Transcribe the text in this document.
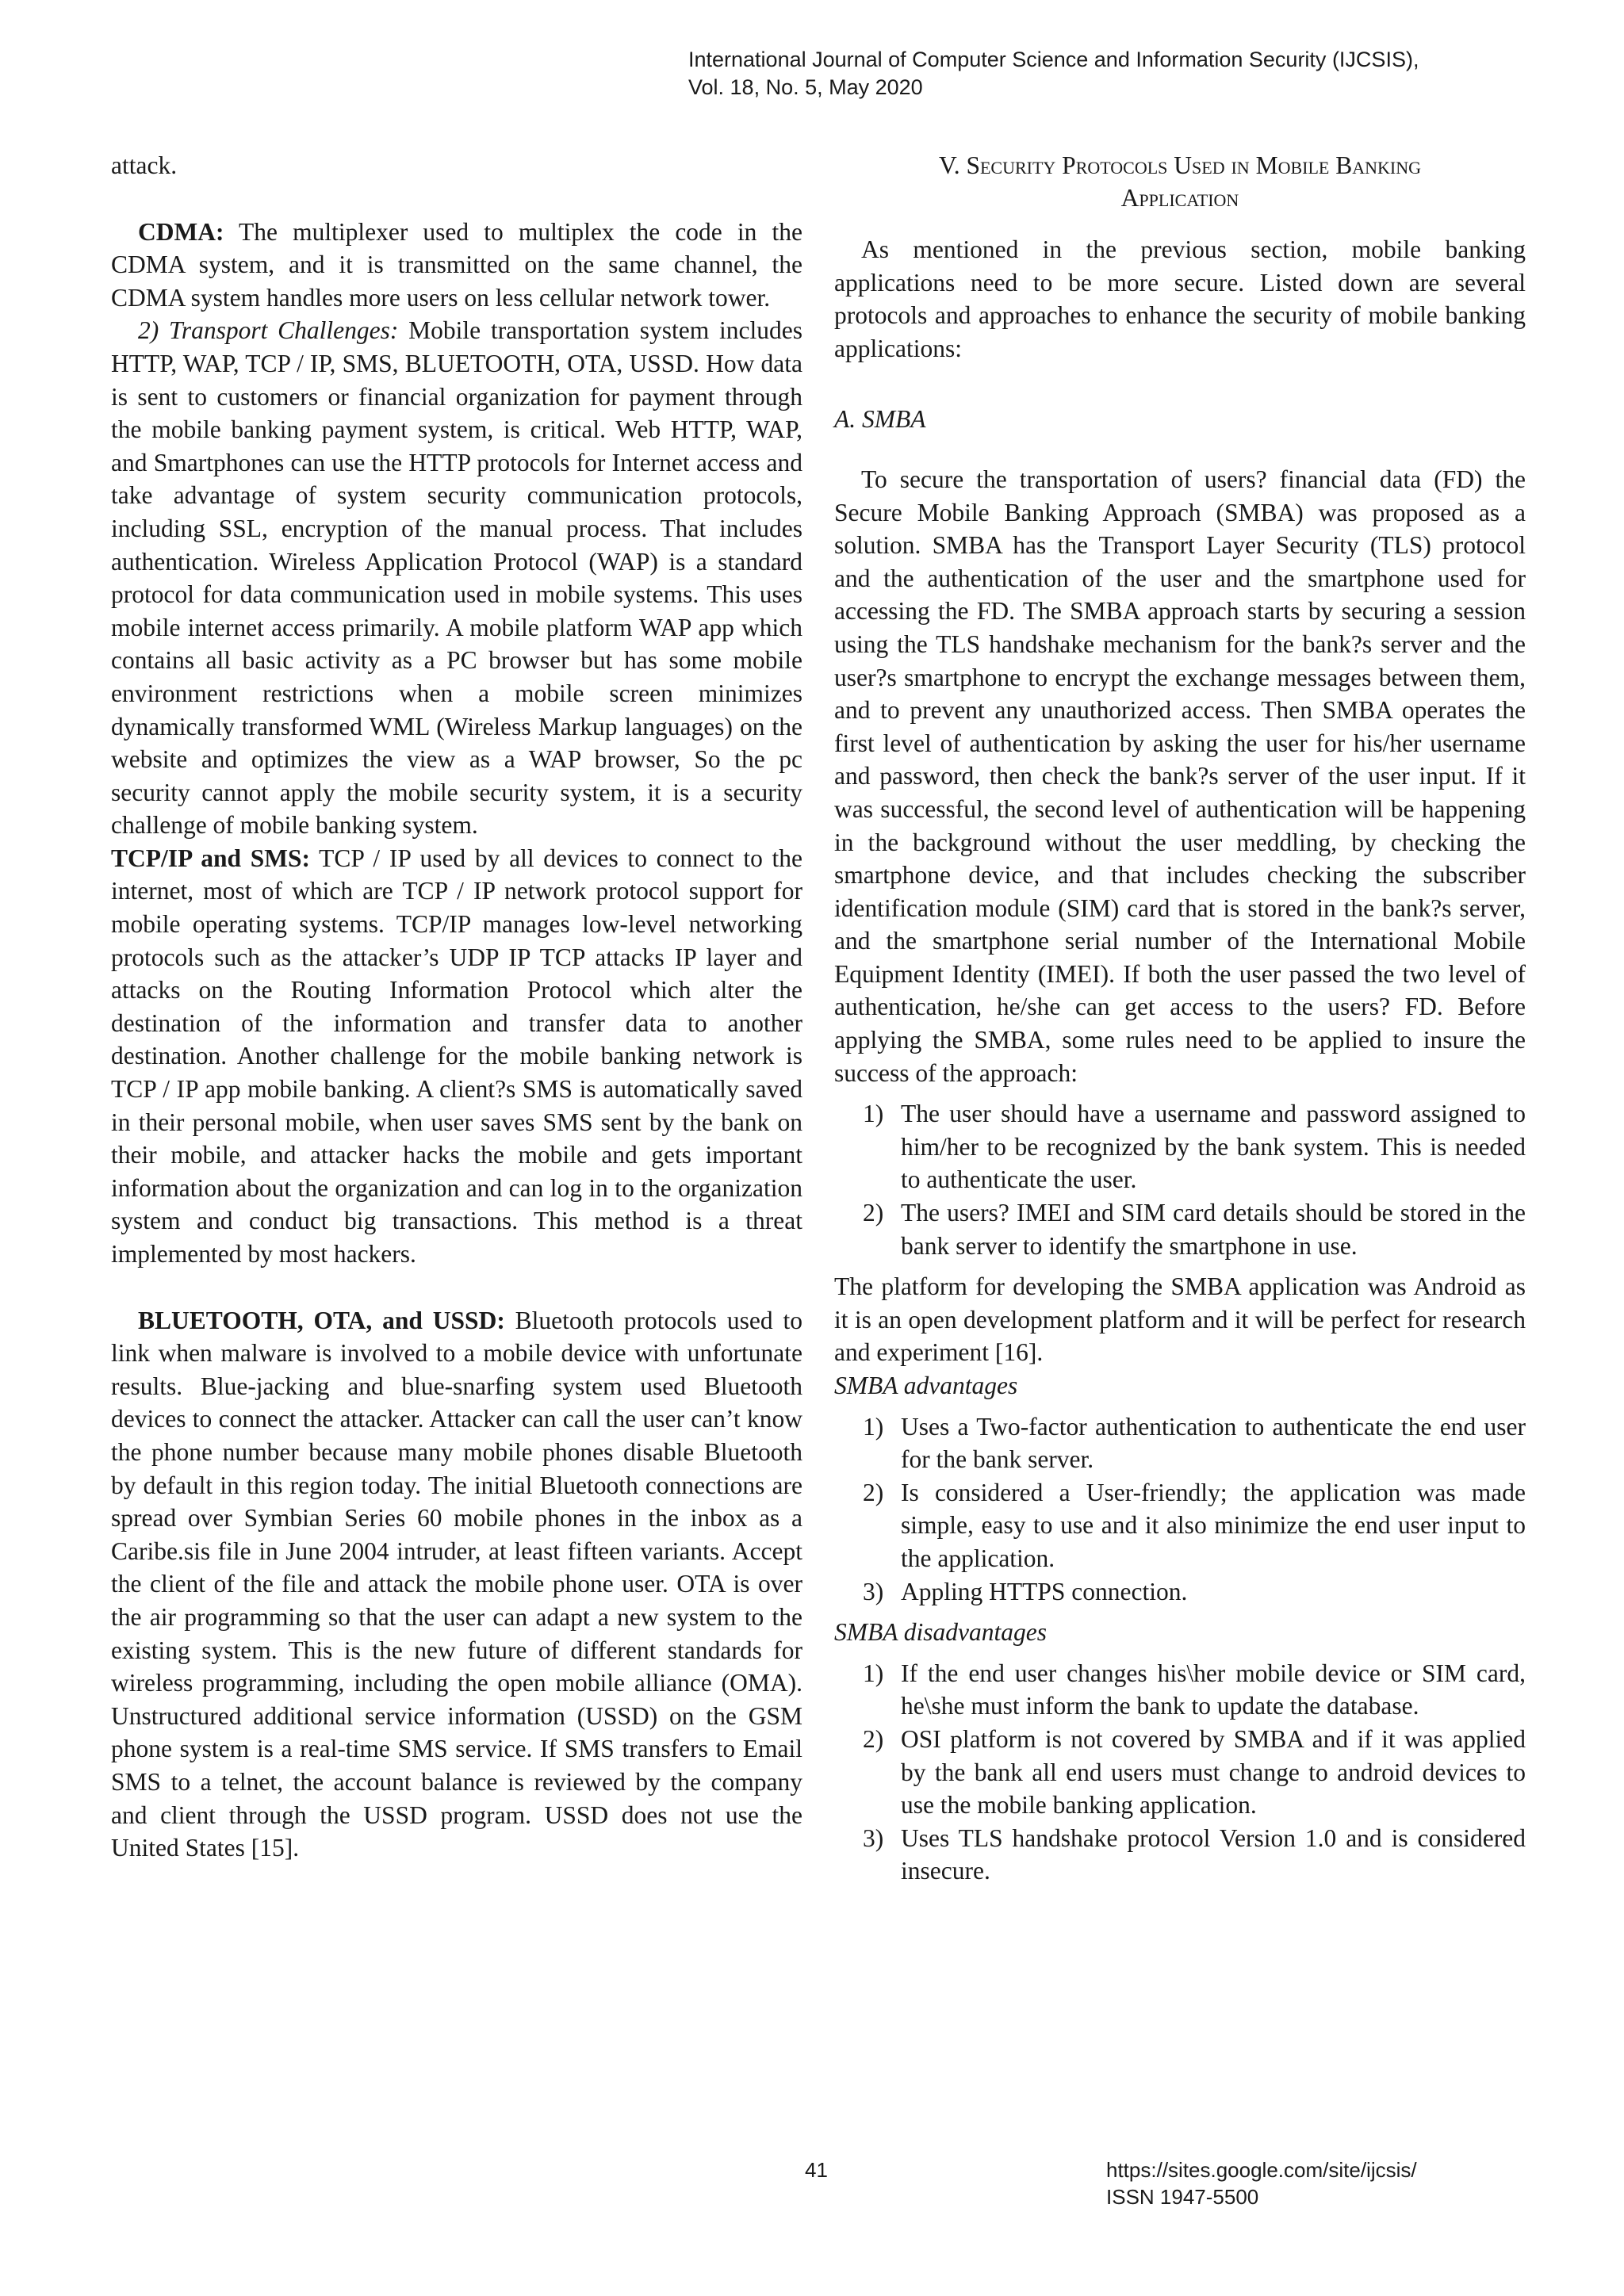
International Journal of Computer Science and Information Security (IJCSIS),
Vol. 18, No. 5, May 2020

attack.

CDMA: The multiplexer used to multiplex the code in the CDMA system, and it is transmitted on the same channel, the CDMA system handles more users on less cellular network tower.

2) Transport Challenges: Mobile transportation system includes HTTP, WAP, TCP / IP, SMS, BLUETOOTH, OTA, USSD. How data is sent to customers or financial organization for payment through the mobile banking payment system, is critical. Web HTTP, WAP, and Smartphones can use the HTTP protocols for Internet access and take advantage of system security communication protocols, including SSL, encryption of the manual process. That includes authentication. Wireless Application Protocol (WAP) is a standard protocol for data communication used in mobile systems. This uses mobile internet access primarily. A mobile platform WAP app which contains all basic activity as a PC browser but has some mobile environment restrictions when a mobile screen minimizes dynamically transformed WML (Wireless Markup languages) on the website and optimizes the view as a WAP browser, So the pc security cannot apply the mobile security system, it is a security challenge of mobile banking system.

TCP/IP and SMS: TCP / IP used by all devices to connect to the internet, most of which are TCP / IP network protocol support for mobile operating systems. TCP/IP manages low-level networking protocols such as the attacker’s UDP IP TCP attacks IP layer and attacks on the Routing Information Protocol which alter the destination of the information and transfer data to another destination. Another challenge for the mobile banking network is TCP / IP app mobile banking. A client?s SMS is automatically saved in their personal mobile, when user saves SMS sent by the bank on their mobile, and attacker hacks the mobile and gets important information about the organization and can log in to the organization system and conduct big transactions. This method is a threat implemented by most hackers.

BLUETOOTH, OTA, and USSD: Bluetooth protocols used to link when malware is involved to a mobile device with unfortunate results. Blue-jacking and blue-snarfing system used Bluetooth devices to connect the attacker. Attacker can call the user can’t know the phone number because many mobile phones disable Bluetooth by default in this region today. The initial Bluetooth connections are spread over Symbian Series 60 mobile phones in the inbox as a Caribe.sis file in June 2004 intruder, at least fifteen variants. Accept the client of the file and attack the mobile phone user. OTA is over the air programming so that the user can adapt a new system to the existing system. This is the new future of different standards for wireless programming, including the open mobile alliance (OMA). Unstructured additional service information (USSD) on the GSM phone system is a real-time SMS service. If SMS transfers to Email SMS to a telnet, the account balance is reviewed by the company and client through the USSD program. USSD does not use the United States [15].

V. Security Protocols Used in Mobile Banking
Application

As mentioned in the previous section, mobile banking applications need to be more secure. Listed down are several protocols and approaches to enhance the security of mobile banking applications:

A. SMBA

To secure the transportation of users? financial data (FD) the Secure Mobile Banking Approach (SMBA) was proposed as a solution. SMBA has the Transport Layer Security (TLS) protocol and the authentication of the user and the smartphone used for accessing the FD. The SMBA approach starts by securing a session using the TLS handshake mechanism for the bank?s server and the user?s smartphone to encrypt the exchange messages between them, and to prevent any unauthorized access. Then SMBA operates the first level of authentication by asking the user for his/her username and password, then check the bank?s server of the user input. If it was successful, the second level of authentication will be happening in the background without the user meddling, by checking the smartphone device, and that includes checking the subscriber identification module (SIM) card that is stored in the bank?s server, and the smartphone serial number of the International Mobile Equipment Identity (IMEI). If both the user passed the two level of authentication, he/she can get access to the users? FD. Before applying the SMBA, some rules need to be applied to insure the success of the approach:

1) The user should have a username and password assigned to him/her to be recognized by the bank system. This is needed to authenticate the user.
2) The users? IMEI and SIM card details should be stored in the bank server to identify the smartphone in use.

The platform for developing the SMBA application was Android as it is an open development platform and it will be perfect for research and experiment [16].

SMBA advantages

1) Uses a Two-factor authentication to authenticate the end user for the bank server.
2) Is considered a User-friendly; the application was made simple, easy to use and it also minimize the end user input to the application.
3) Appling HTTPS connection.

SMBA disadvantages

1) If the end user changes his\her mobile device or SIM card, he\she must inform the bank to update the database.
2) OSI platform is not covered by SMBA and if it was applied by the bank all end users must change to android devices to use the mobile banking application.
3) Uses TLS handshake protocol Version 1.0 and is considered insecure.
41	https://sites.google.com/site/ijcsis/
ISSN 1947-5500
